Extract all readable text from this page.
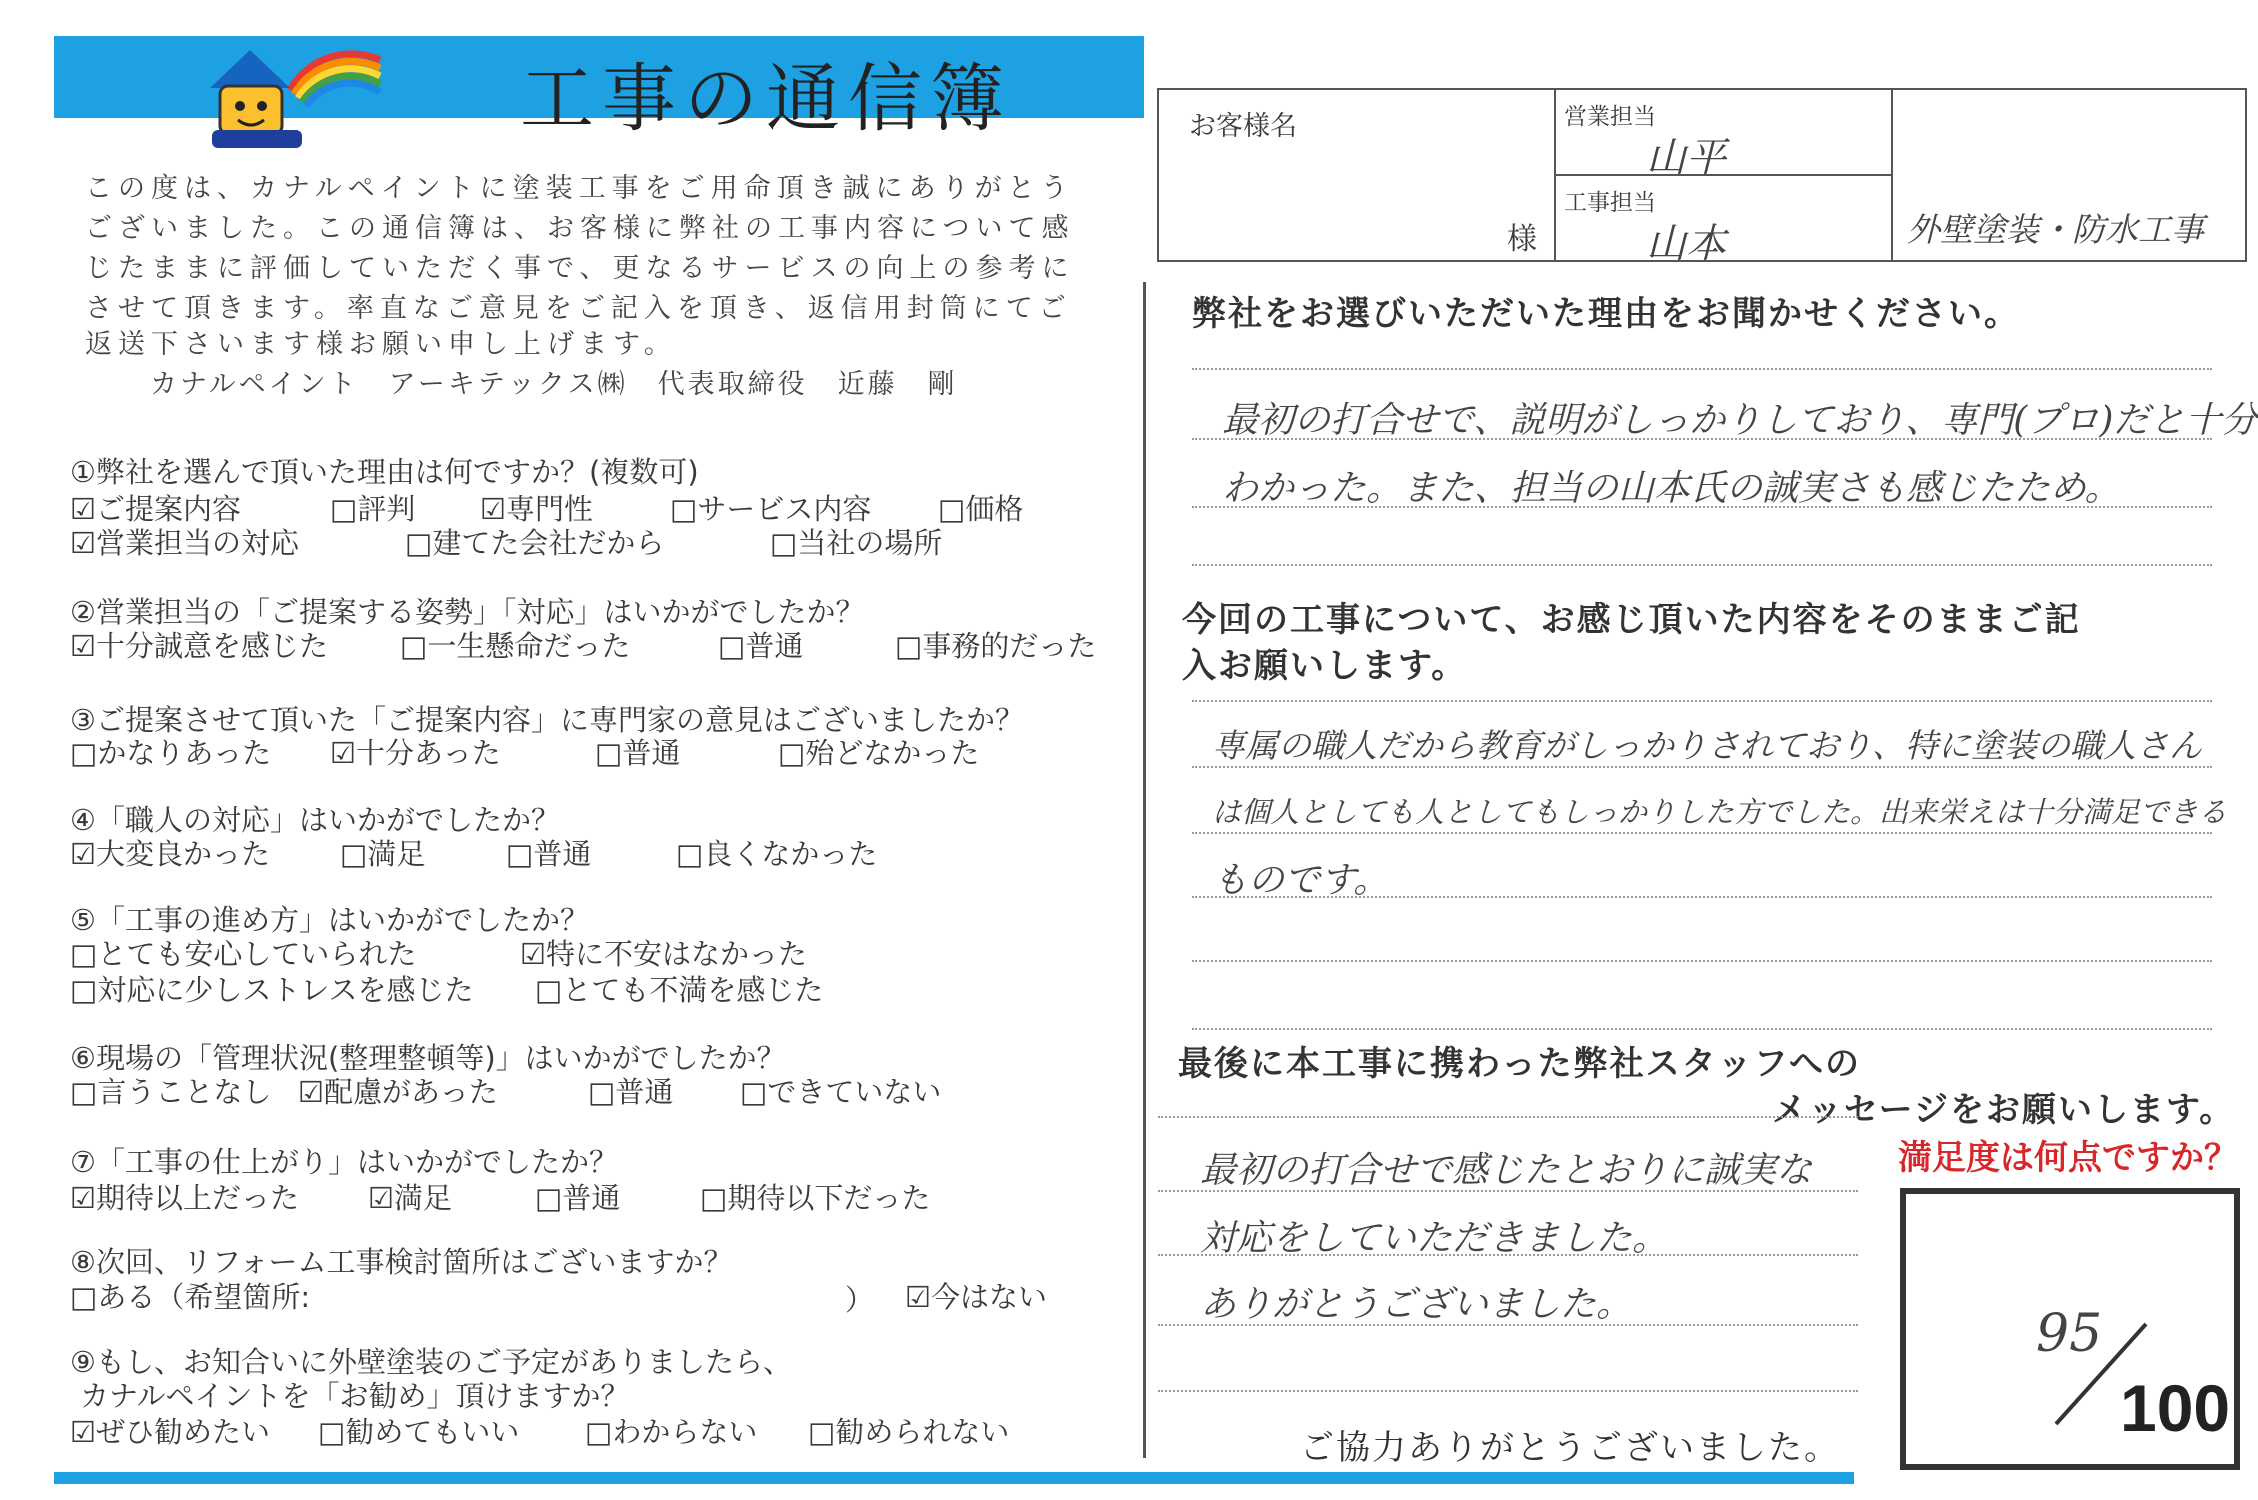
工事の通信簿
この度は、カナルペイントに塗装工事をご用命頂き誠にありがとう
ございました。この通信簿は、お客様に弊社の工事内容について感
じたままに評価していただく事で、更なるサービスの向上の参考に
させて頂きます。率直なご意見をご記入を頂き、返信用封筒にてご
返送下さいます様お願い申し上げます。
カナルペイント　アーキテックス㈱　代表取締役　近藤　剛
①弊社を選んで頂いた理由は何ですか？(複数可)
☑ご提案内容	□評判 ☑専門性	□サービス内容 □価格
☑営業担当の対応	□建てた会社だから	□当社の場所
②営業担当の「ご提案する姿勢」「対応」はいかがでしたか？
☑十分誠意を感じた □一生懸命だった	□普通	□事務的だった
③ご提案させて頂いた「ご提案内容」に専門家の意見はございましたか？
□かなりあった ☑十分あった	□普通	□殆どなかった
④「職人の対応」はいかがでしたか？
☑大変良かった □満足	□普通	□良くなかった
⑤「工事の進め方」はいかがでしたか？
□とても安心していられた	☑特に不安はなかった
□対応に少しストレスを感じた □とても不満を感じた
⑥現場の「管理状況(整理整頓等)」はいかがでしたか？
□言うことなし ☑配慮があった	□普通 □できていない
⑦「工事の仕上がり」はいかがでしたか？
☑期待以上だった ☑満足	□普通	□期待以下だった
⑧次回、リフォーム工事検討箇所はございますか？
□ある（希望箇所:	） ☑今はない
⑨もし、お知合いに外壁塗装のご予定がありましたら、
カナルペイントを「お勧め」頂けますか？
☑ぜひ勧めたい □勧めてもいい □わからない □勧められない
お客様名
様

営業担当
山平

外壁塗装・防水工事

工事担当
山本
弊社をお選びいただいた理由をお聞かせください。
最初の打合せで、説明がしっかりしており、専門(プロ)だと十分
わかった。また、担当の山本氏の誠実さも感じたため。
今回の工事について、お感じ頂いた内容をそのままご記
入お願いします。
専属の職人だから教育がしっかりされており、特に塗装の職人さん
は個人としても人としてもしっかりした方でした。出来栄えは十分満足できる
ものです。
最後に本工事に携わった弊社スタッフへの
メッセージをお願いします。
最初の打合せで感じたとおりに誠実な
対応をしていただきました。
ありがとうございました。
ご協力ありがとうございました。
満足度は何点ですか？
95
100
